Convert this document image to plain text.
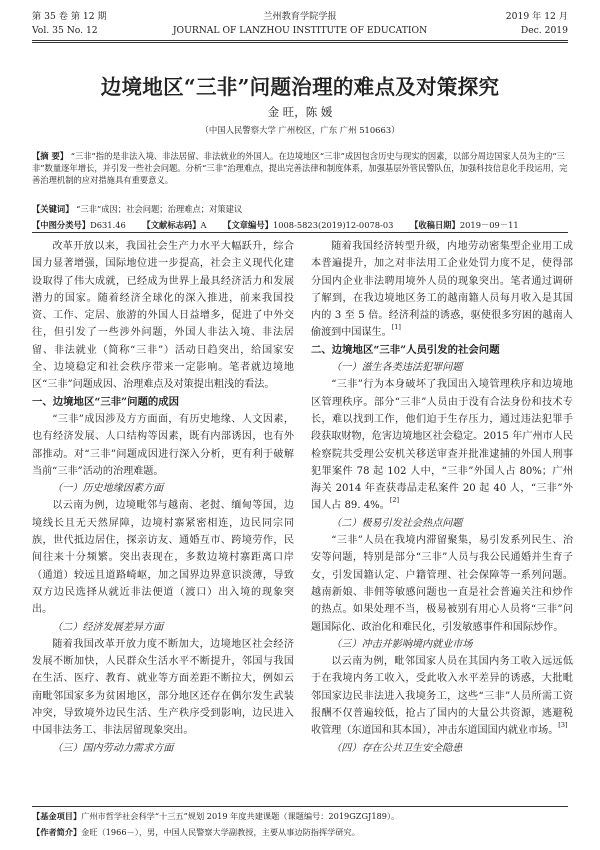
第 35 卷 第 12 期	兰州教育学院学报	2019 年 12 月
Vol. 35 No. 12	JOURNAL OF LANZHOU INSTITUTE OF EDUCATION	Dec. 2019
边境地区“三非”问题治理的难点及对策探究
金 旺，陈 媛
（中国人民警察大学 广州校区，广东 广州 510663）

【摘 要】 “三非”指的是非法入境、非法居留、非法就业的外国人。在边境地区“三非”成因包含历史与现实的因素，以部分周边国家人员为主的“三非”数量逐年增长，并引发一些社会问题。分析“三非”治理难点，提出完善法律和制度体系，加强基层外管民警队伍，加强科技信息化手段运用，完善治理机制的应对措施具有重要意义。

【关键词】 “三非”成因；社会问题；治理难点；对策建议

【中图分类号】D631.46 【文献标志码】A 【文章编号】1008-5823(2019)12-0078-03 【收稿日期】2019－09－11

改革开放以来，我国社会生产力水平大幅跃升，综合国力显著增强，国际地位进一步提高，社会主义现代化建设取得了伟大成就，已经成为世界上最具经济活力和发展潜力的国家。随着经济全球化的深入推进，前来我国投资、工作、定居、旅游的外国人日益增多，促进了中外交往，但引发了一些涉外问题，外国人非法入境、非法居留、非法就业（简称“三非”）活动日趋突出，给国家安全、边境稳定和社会秩序带来一定影响。笔者就边境地区“三非”问题成因、治理难点及对策提出粗浅的看法。

一、边境地区“三非”问题的成因

“三非”成因涉及方方面面，有历史地缘、人文因素，也有经济发展、人口结构等因素，既有内部诱因，也有外部推动。对“三非”问题成因进行深入分析，更有利于破解当前“三非”活动的治理难题。

（一）历史地缘因素方面

以云南为例，边境毗邻与越南、老挝、缅甸等国，边境线长且无天然屏障，边境村寨紧密相连，边民同宗同族，世代抵边居住，探亲访友、通婚互市、跨境劳作，民间往来十分频繁。突出表现在，多数边境村寨距离口岸（通道）较远且道路崎岖，加之国界边界意识淡薄，导致双方边民选择从就近非法便道（渡口）出入境的现象突出。

（二）经济发展差异方面

随着我国改革开放力度不断加大，边境地区社会经济发展不断加快，人民群众生活水平不断提升，邻国与我国在生活、医疗、教育、就业等方面差距不断拉大，例如云南毗邻国家多为贫困地区，部分地区还存在偶尔发生武装冲突，导致境外边民生活、生产秩序受到影响，边民进入中国非法务工、非法居留现象突出。

（三）国内劳动力需求方面

随着我国经济转型升级，内地劳动密集型企业用工成本普遍提升，加之对非法用工企业处罚力度不足，使得部分国内企业非法聘用境外人员的现象突出。笔者通过调研了解到，在我边境地区务工的越南籍人员每月收入是其国内的 3 至 5 倍。经济利益的诱惑，驱使很多穷困的越南人偷渡到中国谋生。[1]

二、边境地区“三非”人员引发的社会问题
（一）滋生各类违法犯罪问题

“三非”行为本身破坏了我国出入境管理秩序和边境地区管理秩序。部分“三非”人员由于没有合法身份和技术专长，难以找到工作，他们迫于生存压力，通过违法犯罪手段获取财物，危害边境地区社会稳定。2015 年广州市人民检察院共受理公安机关移送审查并批准逮捕的外国人刑事犯罪案件 78 起 102 人中，“三非”外国人占 80%；广州海关 2014 年查获毒品走私案件 20 起 40 人，“三非”外国人占 89. 4%。[2]

（二）极易引发社会热点问题

“三非”人员在我境内滞留聚集，易引发系列民生、治安等问题，特别是部分“三非”人员与我公民通婚并生育子女，引发国籍认定、户籍管理、社会保障等一系列问题。越南新娘、非佣等敏感问题也一直是社会普遍关注和炒作的热点。如果处理不当，极易被别有用心人员将“三非”问题国际化、政治化和难民化，引发敏感事件和国际炒作。

（三）冲击并影响境内就业市场

以云南为例，毗邻国家人员在其国内务工收入远远低于在我境内务工收入，受此收入水平差异的诱惑，大批毗邻国家边民非法进入我境务工，这些“三非”人员所需工资报酬不仅普遍较低，抢占了国内的大量公共资源，逃避税收管理（东道国和其本国），冲击东道国国内就业市场。[3]

（四）存在公共卫生安全隐患
【基金项目】广州市哲学社会科学“十三五”规划 2019 年度共建课题（课题编号：2019GZGJ189）。
【作者简介】金旺（1966－），男，中国人民警察大学副教授，主要从事边防指挥学研究。
